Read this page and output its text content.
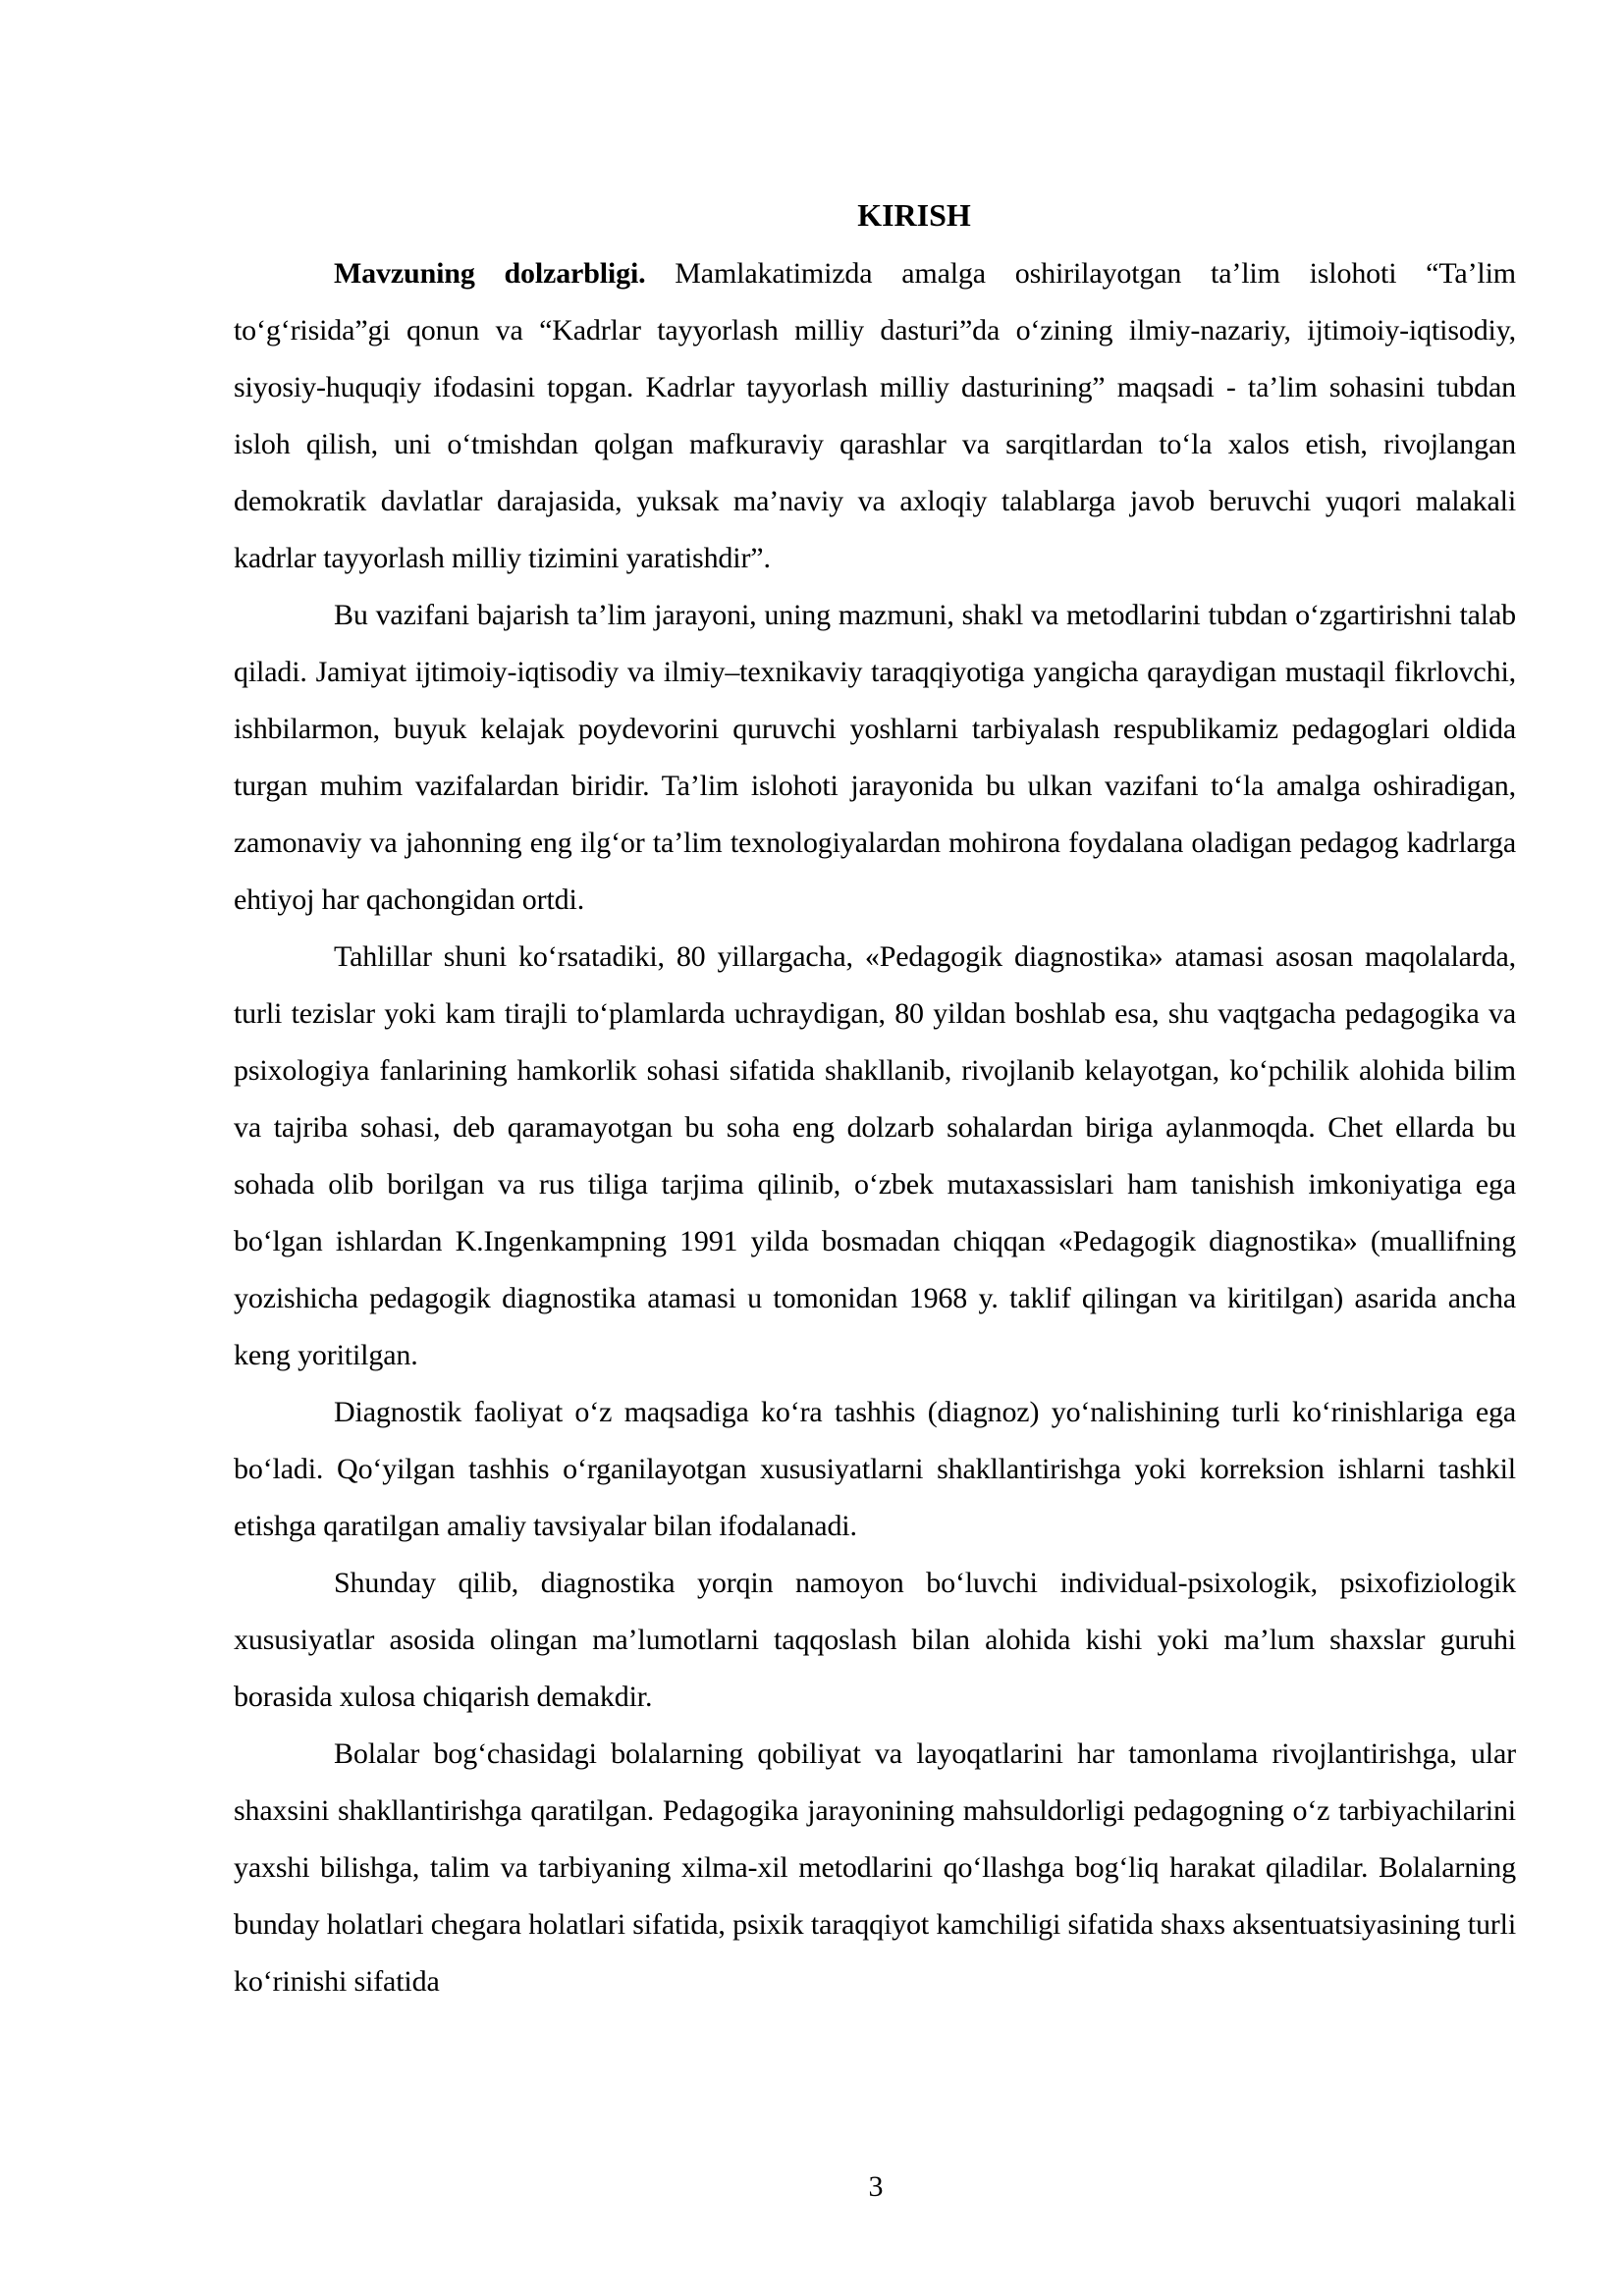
KIRISH

Mavzuning dolzarbligi. Mamlakatimizda amalga oshirilayotgan ta’lim islohoti “Ta’lim to‘g‘risida”gi qonun va “Kadrlar tayyorlash milliy dasturi”da o‘zining ilmiy-nazariy, ijtimoiy-iqtisodiy, siyosiy-huquqiy ifodasini topgan. Kadrlar tayyorlash milliy dasturining” maqsadi - ta’lim sohasini tubdan isloh qilish, uni o‘tmishdan qolgan mafkuraviy qarashlar va sarqitlardan to‘la xalos etish, rivojlangan demokratik davlatlar darajasida, yuksak ma’naviy va axloqiy talablarga javob beruvchi yuqori malakali kadrlar tayyorlash milliy tizimini yaratishdir”.

Bu vazifani bajarish ta’lim jarayoni, uning mazmuni, shakl va metodlarini tubdan o‘zgartirishni talab qiladi. Jamiyat ijtimoiy-iqtisodiy va ilmiy–texnikaviy taraqqiyotiga yangicha qaraydigan mustaqil fikrlovchi, ishbilarmon, buyuk kelajak poydevorini quruvchi yoshlarni tarbiyalash respublikamiz pedagoglari oldida turgan muhim vazifalardan biridir. Ta’lim islohoti jarayonida bu ulkan vazifani to‘la amalga oshiradigan, zamonaviy va jahonning eng ilg‘or ta’lim texnologiyalardan mohirona foydalana oladigan pedagog kadrlarga ehtiyoj har qachongidan ortdi.

Tahlillar shuni ko‘rsatadiki, 80 yillargacha, «Pedagogik diagnostika» atamasi asosan maqolalarda, turli tezislar yoki kam tirajli to‘plamlarda uchraydigan, 80 yildan boshlab esa, shu vaqtgacha pedagogika va psixologiya fanlarining hamkorlik sohasi sifatida shakllanib, rivojlanib kelayotgan, ko‘pchilik alohida bilim va tajriba sohasi, deb qaramayotgan bu soha eng dolzarb sohalardan biriga aylanmoqda. Chet ellarda bu sohada olib borilgan va rus tiliga tarjima qilinib, o‘zbek mutaxassislari ham tanishish imkoniyatiga ega bo‘lgan ishlardan K.Ingenkampning 1991 yilda bosmadan chiqqan «Pedagogik diagnostika» (muallifning yozishicha pedagogik diagnostika atamasi u tomonidan 1968 y. taklif qilingan va kiritilgan) asarida ancha keng yoritilgan.

Diagnostik faoliyat o‘z maqsadiga ko‘ra tashhis (diagnoz) yo‘nalishining turli ko‘rinishlariga ega bo‘ladi. Qo‘yilgan tashhis o‘rganilayotgan xususiyatlarni shakllantirishga yoki korreksion ishlarni tashkil etishga qaratilgan amaliy tavsiyalar bilan ifodalanadi.

Shunday qilib, diagnostika yorqin namoyon bo‘luvchi individual-psixologik, psixofiziologik xususiyatlar asosida olingan ma’lumotlarni taqqoslash bilan alohida kishi yoki ma’lum shaxslar guruhi borasida xulosa chiqarish demakdir.

Bolalar bog‘chasidagi bolalarning qobiliyat va layoqatlarini har tamonlama rivojlantirishga, ular shaxsini shakllantirishga qaratilgan. Pedagogika jarayonining mahsuldorligi pedagogning o‘z tarbiyachilarini yaxshi bilishga, talim va tarbiyaning xilma-xil metodlarini qo‘llashga bog‘liq harakat qiladilar. Bolalarning bunday holatlari chegara holatlari sifatida, psixik taraqqiyot kamchiligi sifatida shaxs aksentuatsiyasining turli ko‘rinishi sifatida

3
